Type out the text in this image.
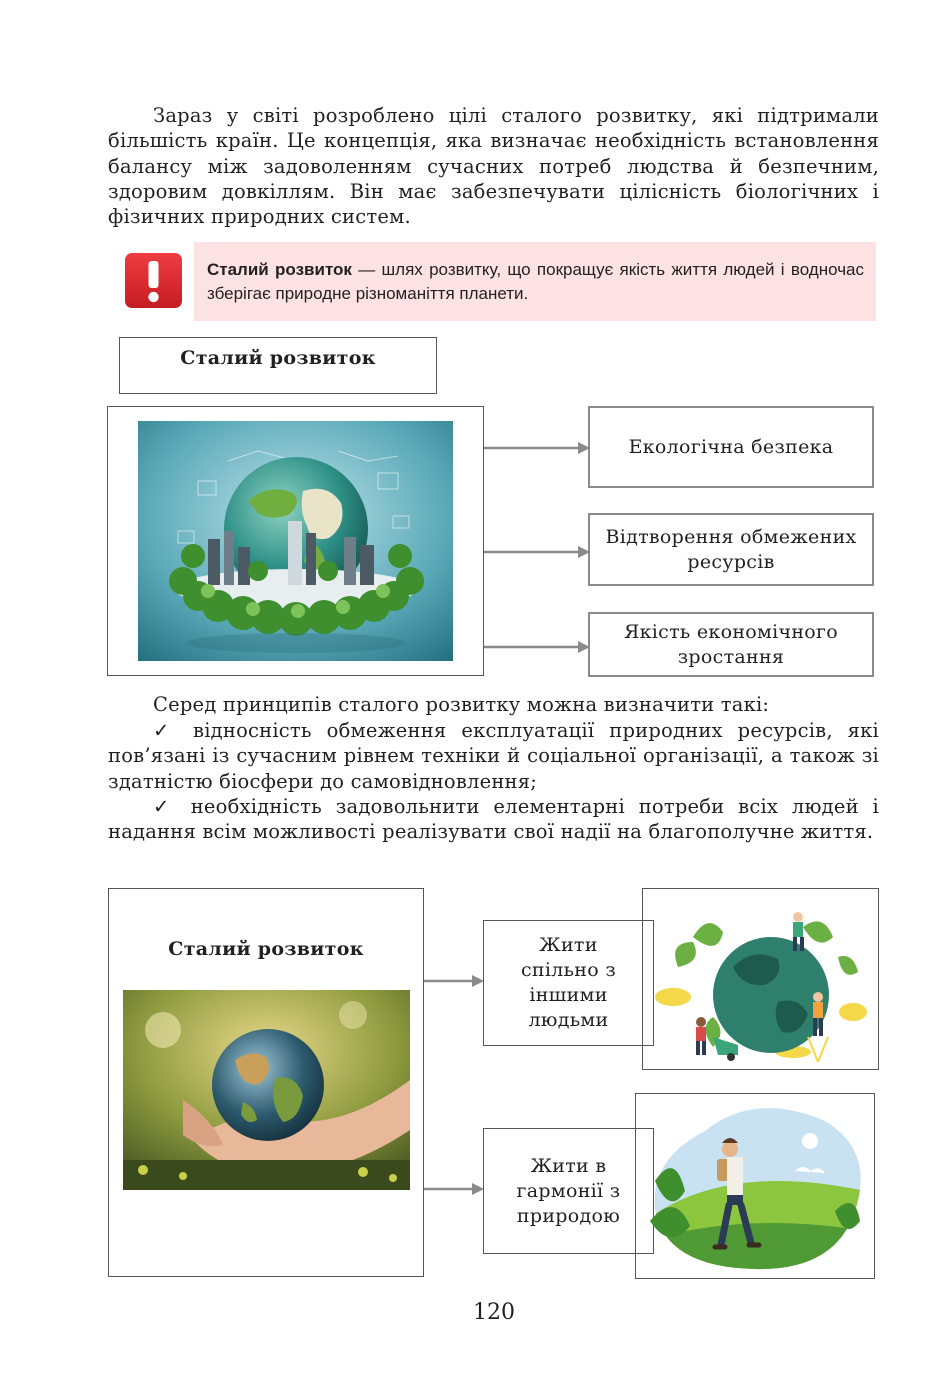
Зараз у світі розроблено цілі сталого розвитку, які підтримали більшість країн. Це концепція, яка визначає необхідність встановлення балансу між задоволенням сучасних потреб людства й безпечним, здоровим довкіллям. Він має забезпечувати цілісність біологічних і фізичних природних систем.

Сталий розвиток — шлях розвитку, що покращує якість життя людей і водночас зберігає природне різноманіття планети.
Сталий розвиток
Екологічна безпека
Відтворення обмежених ресурсів
Якість економічного зростання

Серед принципів сталого розвитку можна визначити такі:

✓ відносність обмеження експлуатації природних ресурсів, які пов’язані із сучасним рівнем техніки й соціальної організації, а також зі здатністю біосфери до самовідновлення;

✓ необхідність задовольнити елементарні потреби всіх людей і надання всім можливості реалізувати свої надії на благополучне життя.

Сталий розвиток	Жити спільно з іншими людьми
Жити в гармонії з природою
120
